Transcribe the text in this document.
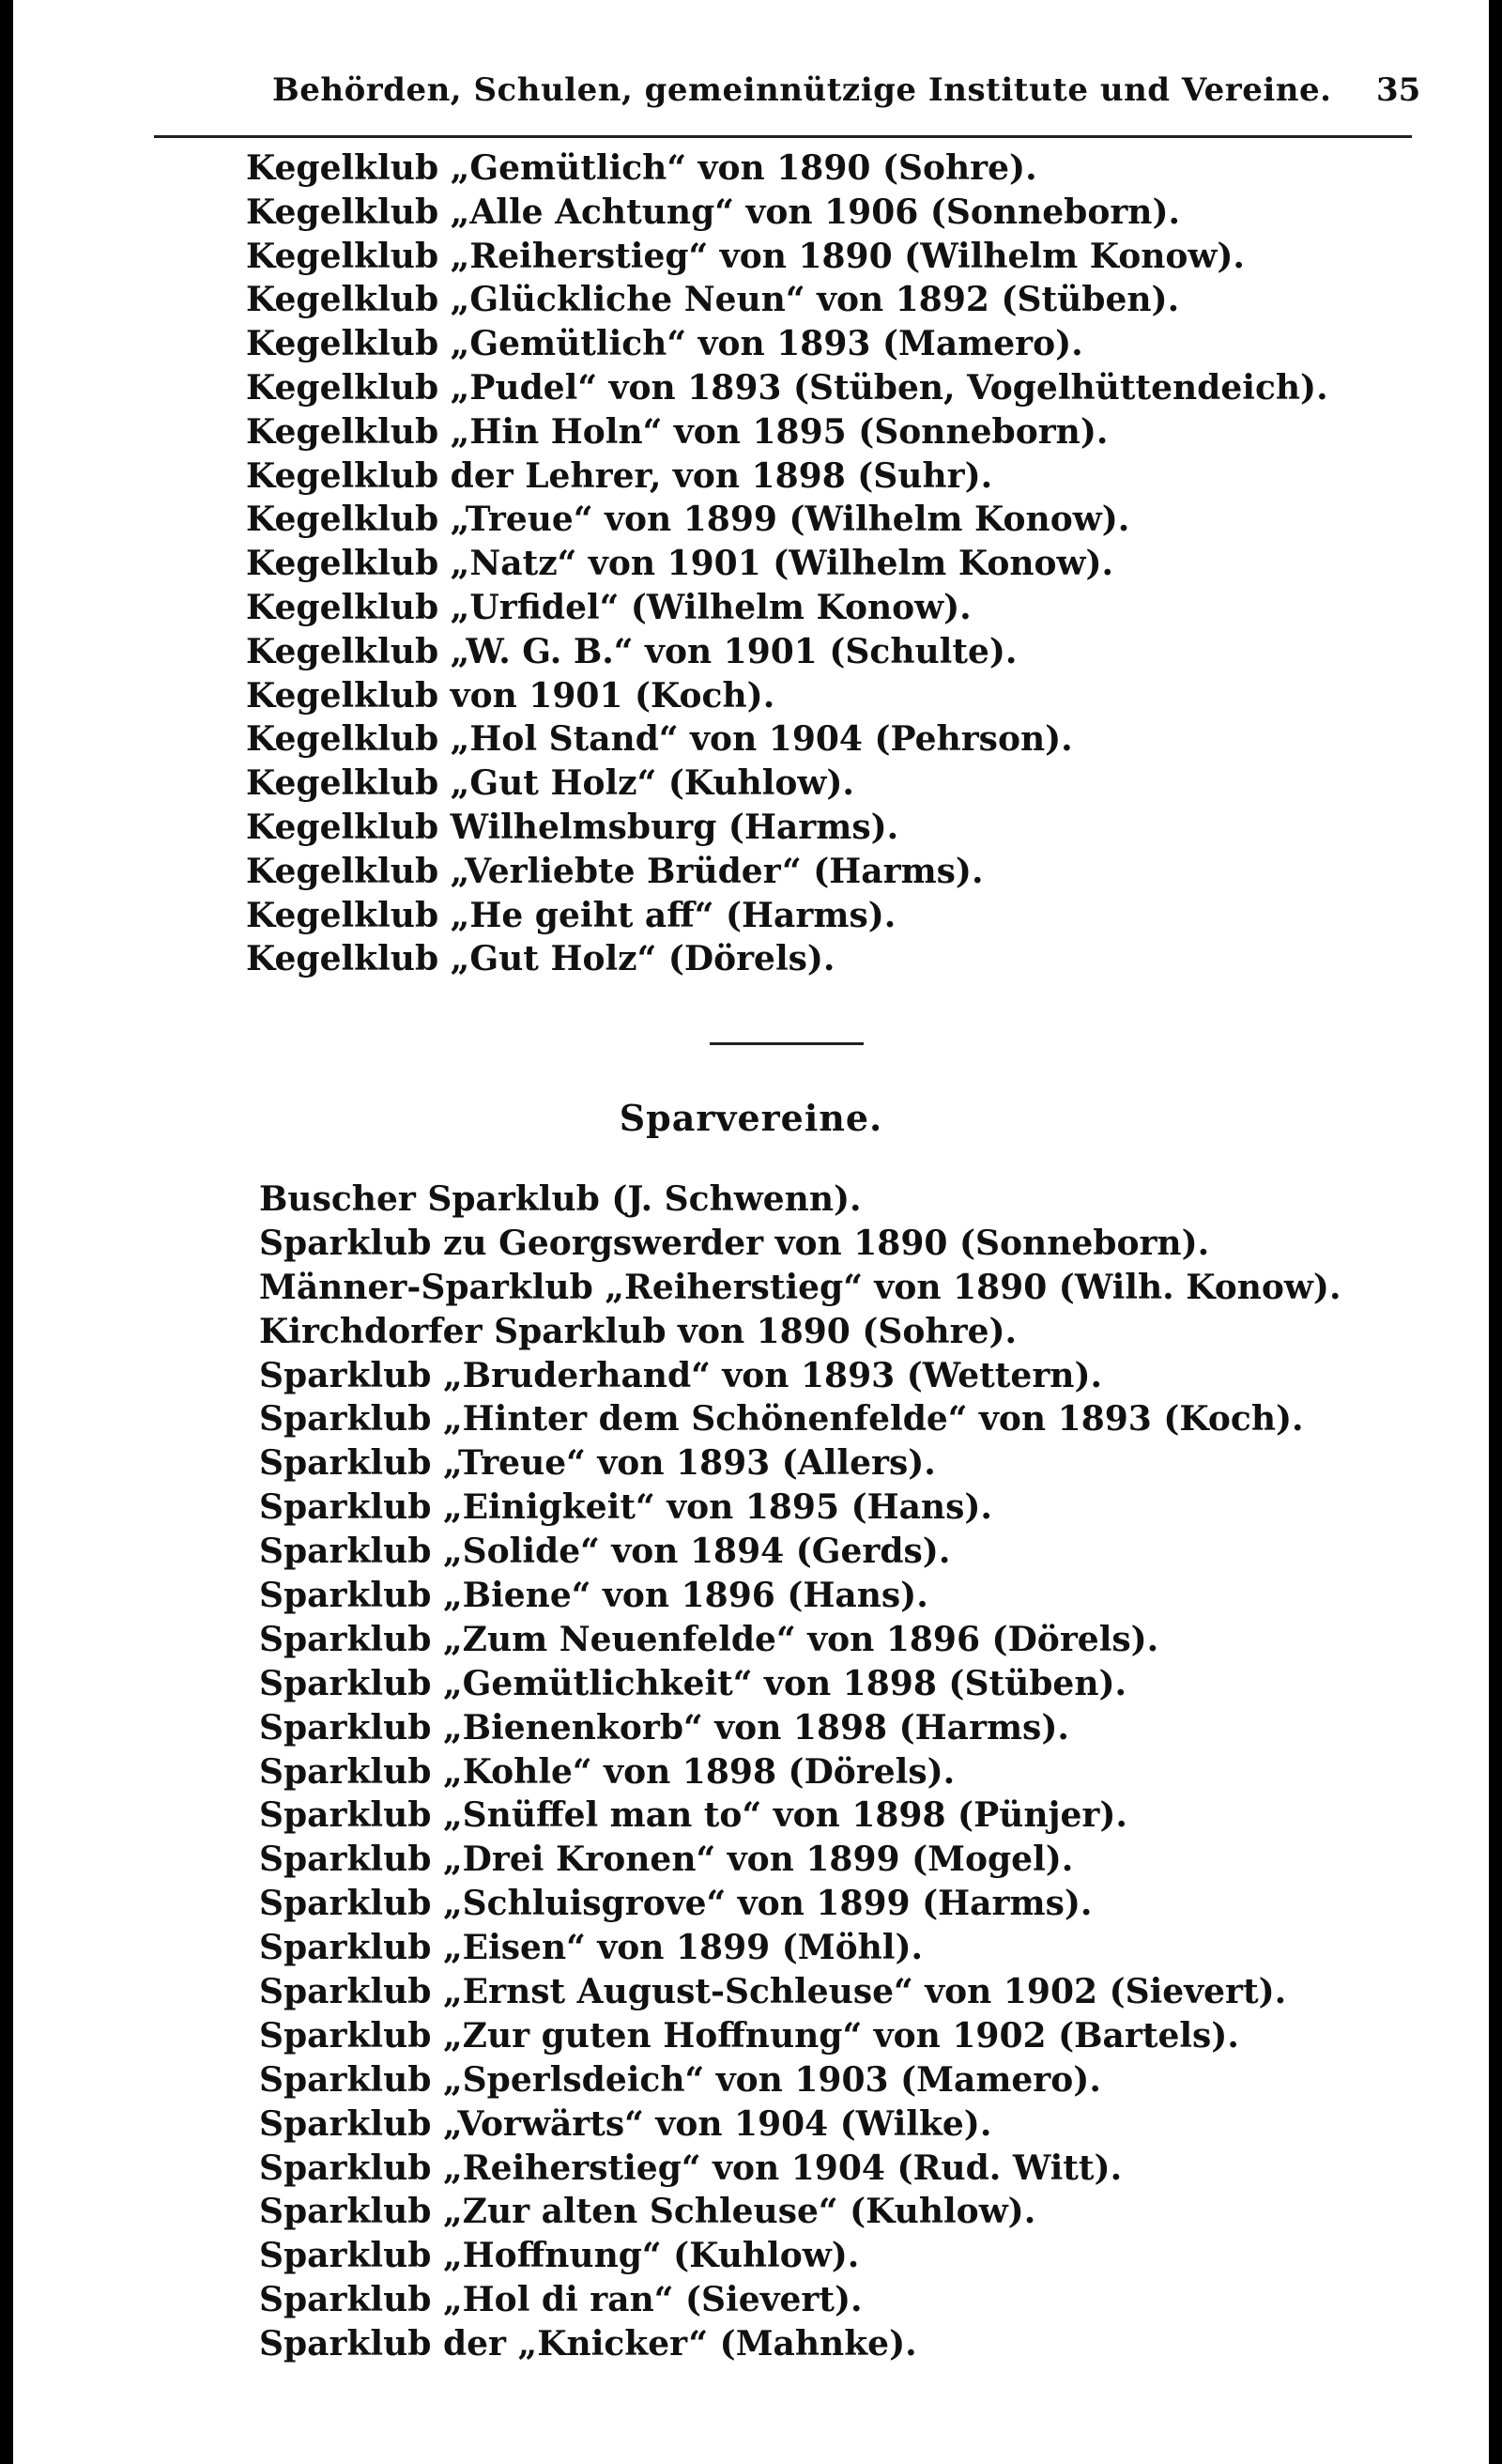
Behörden, Schulen, gemeinnützige Institute und Vereine. 35
Kegelklub „Gemütlich“ von 1890 (Sohre).
Kegelklub „Alle Achtung“ von 1906 (Sonneborn).
Kegelklub „Reiherstieg“ von 1890 (Wilhelm Konow).
Kegelklub „Glückliche Neun“ von 1892 (Stüben).
Kegelklub „Gemütlich“ von 1893 (Mamero).
Kegelklub „Pudel“ von 1893 (Stüben, Vogelhüttendeich).
Kegelklub „Hin Holn“ von 1895 (Sonneborn).
Kegelklub der Lehrer, von 1898 (Suhr).
Kegelklub „Treue“ von 1899 (Wilhelm Konow).
Kegelklub „Natz“ von 1901 (Wilhelm Konow).
Kegelklub „Urfidel“ (Wilhelm Konow).
Kegelklub „W. G. B.“ von 1901 (Schulte).
Kegelklub von 1901 (Koch).
Kegelklub „Hol Stand“ von 1904 (Pehrson).
Kegelklub „Gut Holz“ (Kuhlow).
Kegelklub Wilhelmsburg (Harms).
Kegelklub „Verliebte Brüder“ (Harms).
Kegelklub „He geiht aff“ (Harms).
Kegelklub „Gut Holz“ (Dörels).
Sparvereine.
Buscher Sparklub (J. Schwenn).
Sparklub zu Georgswerder von 1890 (Sonneborn).
Männer-Sparklub „Reiherstieg“ von 1890 (Wilh. Konow).
Kirchdorfer Sparklub von 1890 (Sohre).
Sparklub „Bruderhand“ von 1893 (Wettern).
Sparklub „Hinter dem Schönenfelde“ von 1893 (Koch).
Sparklub „Treue“ von 1893 (Allers).
Sparklub „Einigkeit“ von 1895 (Hans).
Sparklub „Solide“ von 1894 (Gerds).
Sparklub „Biene“ von 1896 (Hans).
Sparklub „Zum Neuenfelde“ von 1896 (Dörels).
Sparklub „Gemütlichkeit“ von 1898 (Stüben).
Sparklub „Bienenkorb“ von 1898 (Harms).
Sparklub „Kohle“ von 1898 (Dörels).
Sparklub „Snüffel man to“ von 1898 (Pünjer).
Sparklub „Drei Kronen“ von 1899 (Mogel).
Sparklub „Schluisgrove“ von 1899 (Harms).
Sparklub „Eisen“ von 1899 (Möhl).
Sparklub „Ernst August-Schleuse“ von 1902 (Sievert).
Sparklub „Zur guten Hoffnung“ von 1902 (Bartels).
Sparklub „Sperlsdeich“ von 1903 (Mamero).
Sparklub „Vorwärts“ von 1904 (Wilke).
Sparklub „Reiherstieg“ von 1904 (Rud. Witt).
Sparklub „Zur alten Schleuse“ (Kuhlow).
Sparklub „Hoffnung“ (Kuhlow).
Sparklub „Hol di ran“ (Sievert).
Sparklub der „Knicker“ (Mahnke).
